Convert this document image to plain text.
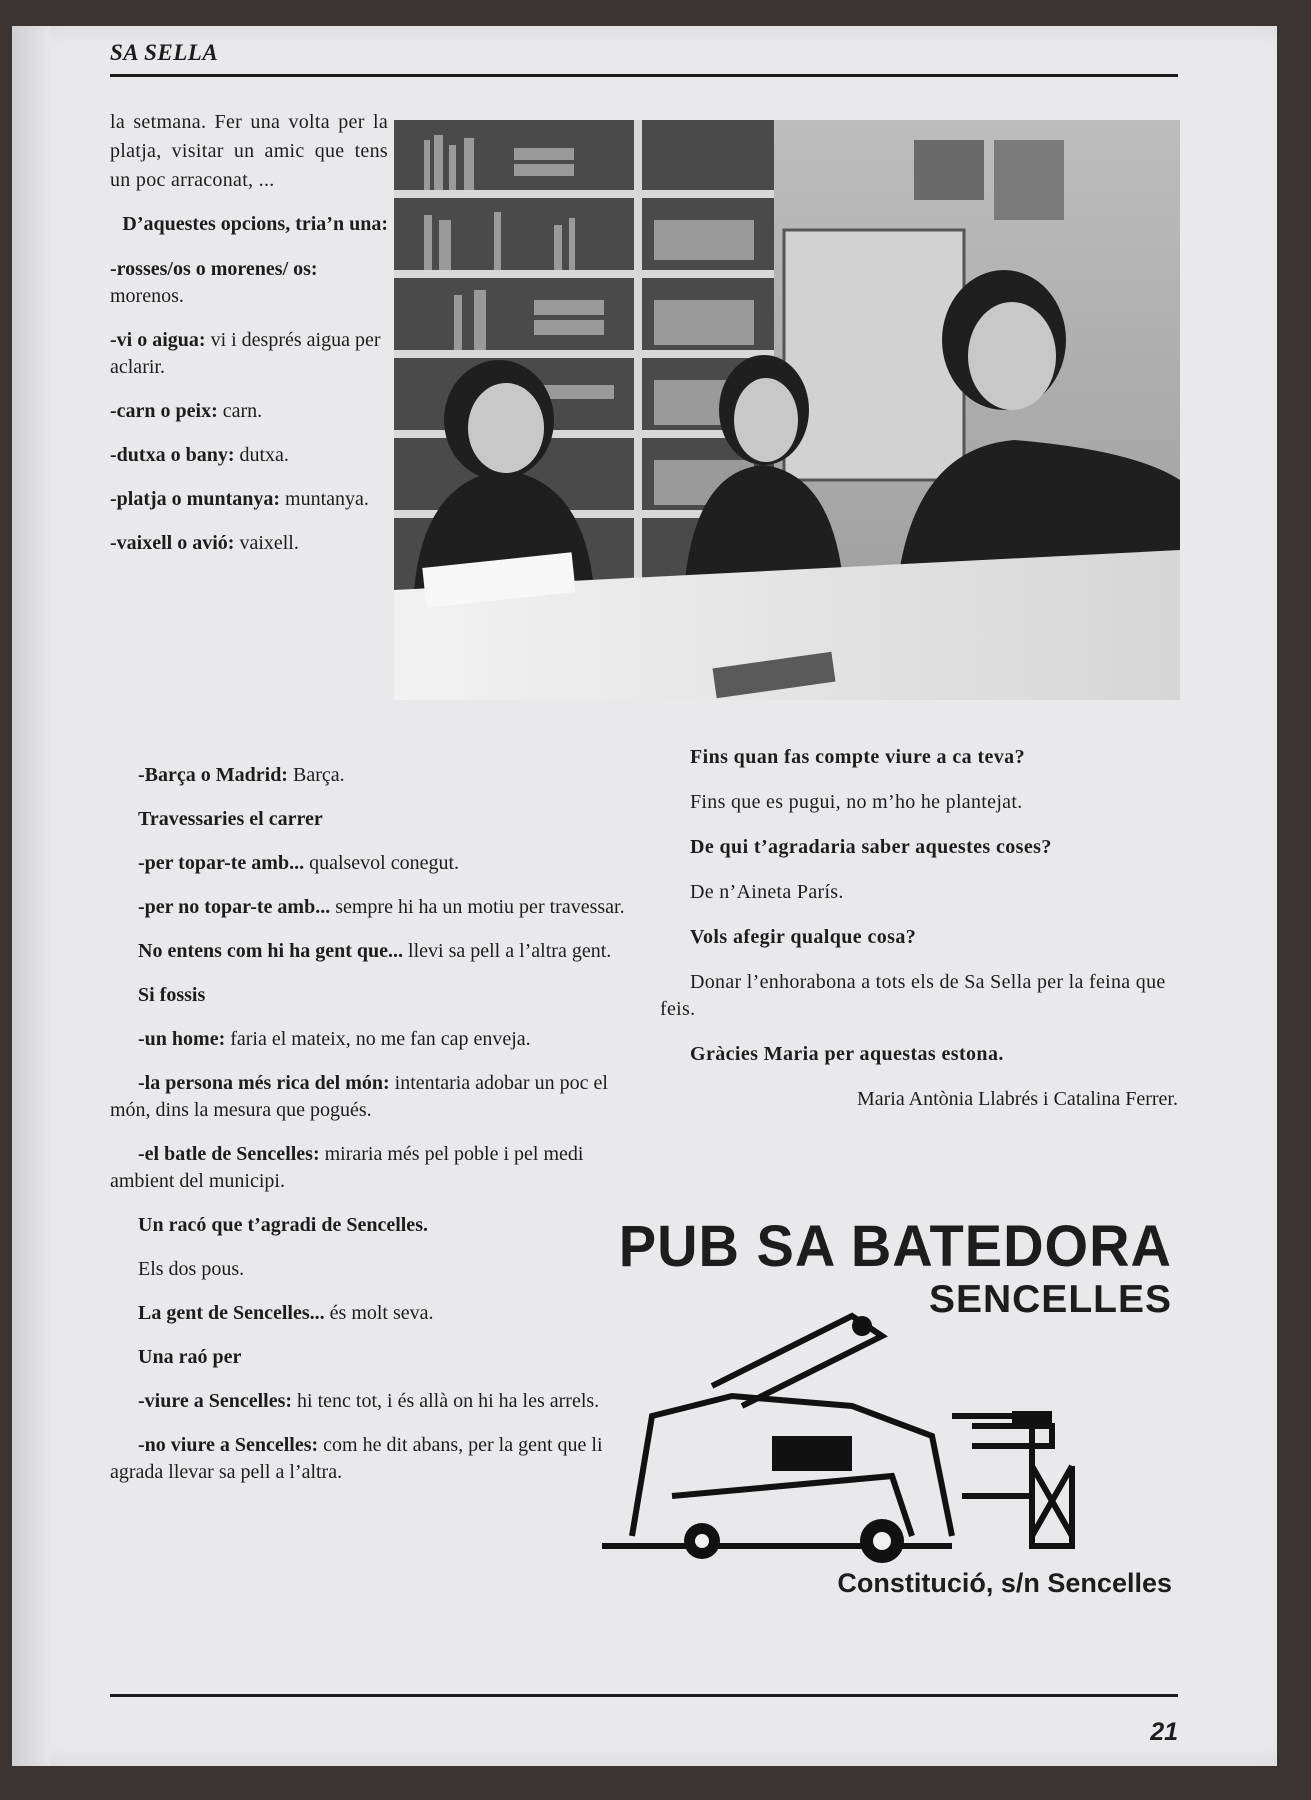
SA SELLA

la setmana. Fer una volta per la platja, visitar un amic que tens un poc arraconat, ...

D’aquestes opcions, tria’n una:

-rosses/os o morenes/ os: morenos.

-vi o aigua: vi i després aigua per aclarir.

-carn o peix: carn.

-dutxa o bany: dutxa.

-platja o muntanya: muntanya.

-vaixell o avió: vaixell.

-Barça o Madrid: Barça.

Travessaries el carrer

-per topar-te amb... qualsevol conegut.

-per no topar-te amb... sempre hi ha un motiu per travessar.

No entens com hi ha gent que... llevi sa pell a l’altra gent.

Si fossis

-un home: faria el mateix, no me fan cap enveja.

-la persona més rica del món: intentaria adobar un poc el món, dins la mesura que pogués.

-el batle de Sencelles: miraria més pel poble i pel medi ambient del municipi.

Un racó que t’agradi de Sencelles.

Els dos pous.

La gent de Sencelles... és molt seva.

Una raó per

-viure a Sencelles: hi tenc tot, i és allà on hi ha les arrels.

-no viure a Sencelles: com he dit abans, per la gent que li agrada llevar sa pell a l’altra.

Fins quan fas compte viure a ca teva?

Fins que es pugui, no m’ho he plantejat.

De qui t’agradaria saber aquestes coses?

De n’Aineta París.

Vols afegir qualque cosa?

Donar l’enhorabona a tots els de Sa Sella per la feina que feis.

Gràcies Maria per aquestas estona.

Maria Antònia Llabrés i Catalina Ferrer.

PUB SA BATEDORA

SENCELLES

Constitució, s/n Sencelles

21
